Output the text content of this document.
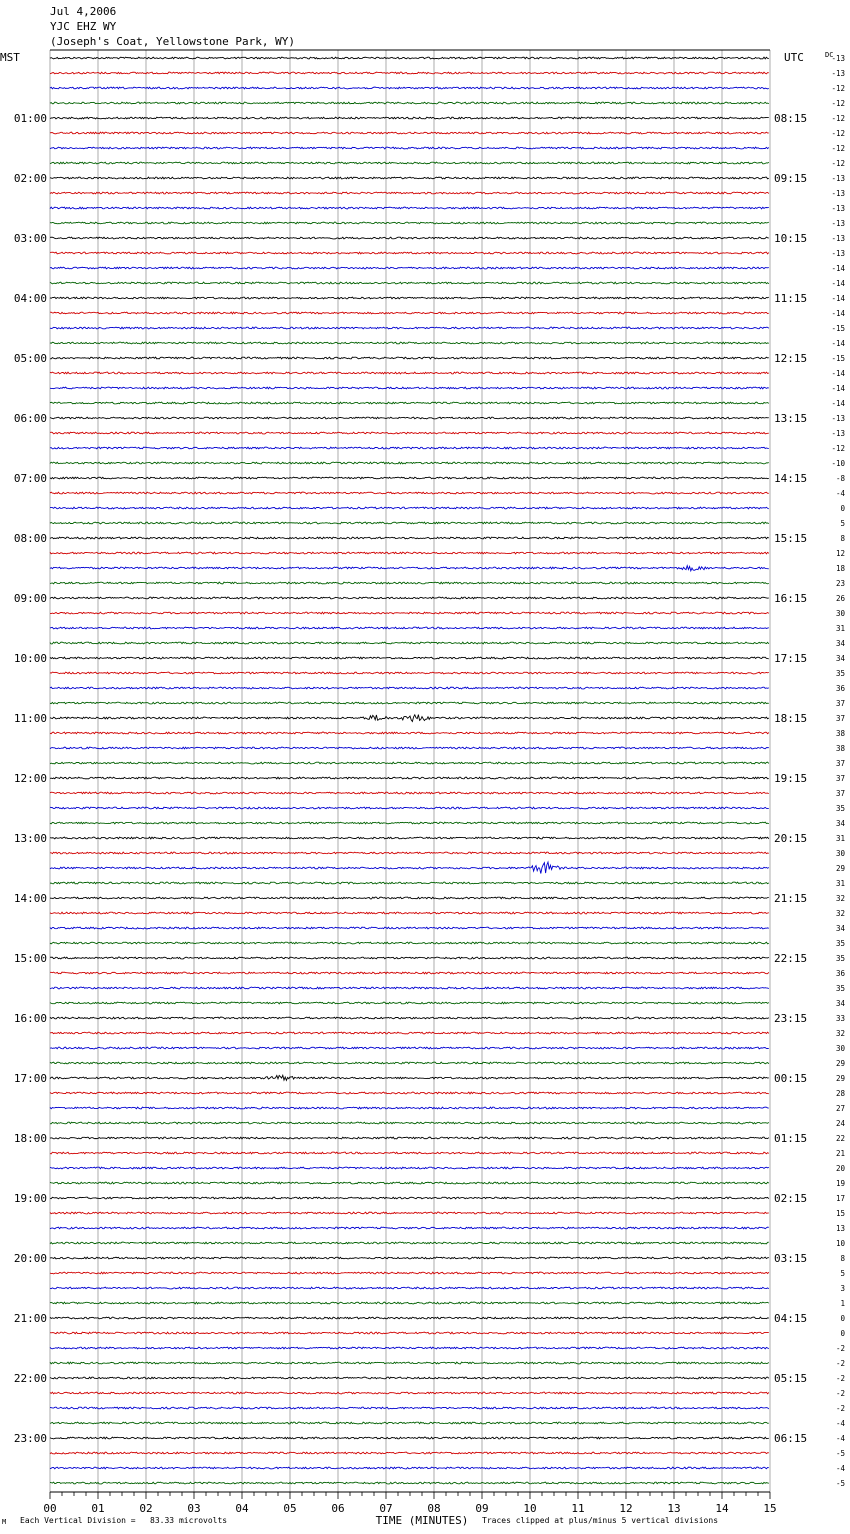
Jul 4,2006
YJC EHZ WY
(Joseph's Coat, Yellowstone Park, WY)
-13
-13
-12
-12
-12
-12
-12
-12
-13
-13
-13
-13
-13
-13
-14
-14
-14
-14
-15
-14
-15
-14
-14
-14
-13
-13
-12
-10
-8
-4
0
5
8
12
18
23
26
30
31
34
34
35
36
37
37
38
38
37
37
37
35
34
31
30
29
31
32
32
34
35
35
36
35
34
33
32
30
29
29
28
27
24
22
21
20
19
17
15
13
10
8
5
3
1
0
0
-2
-2
-2
-2
-2
-4
-4
-5
-4
-5
01:00
02:00
03:00
04:00
05:00
06:00
07:00
08:00
09:00
10:00
11:00
12:00
13:00
14:00
15:00
16:00
17:00
18:00
19:00
20:00
21:00
22:00
23:00
08:15
09:15
10:15
11:15
12:15
13:15
14:15
15:15
16:15
17:15
18:15
19:15
20:15
21:15
22:15
23:15
00:15
01:15
02:15
03:15
04:15
05:15
06:15
MST	UTC	DC
00	01	02	03	04	05	06	07	08	09	10	11	12	13	14	15
TIME (MINUTES)
Each Vertical Division =   83.33 microvolts	Traces clipped at plus/minus 5 vertical divisions
M
